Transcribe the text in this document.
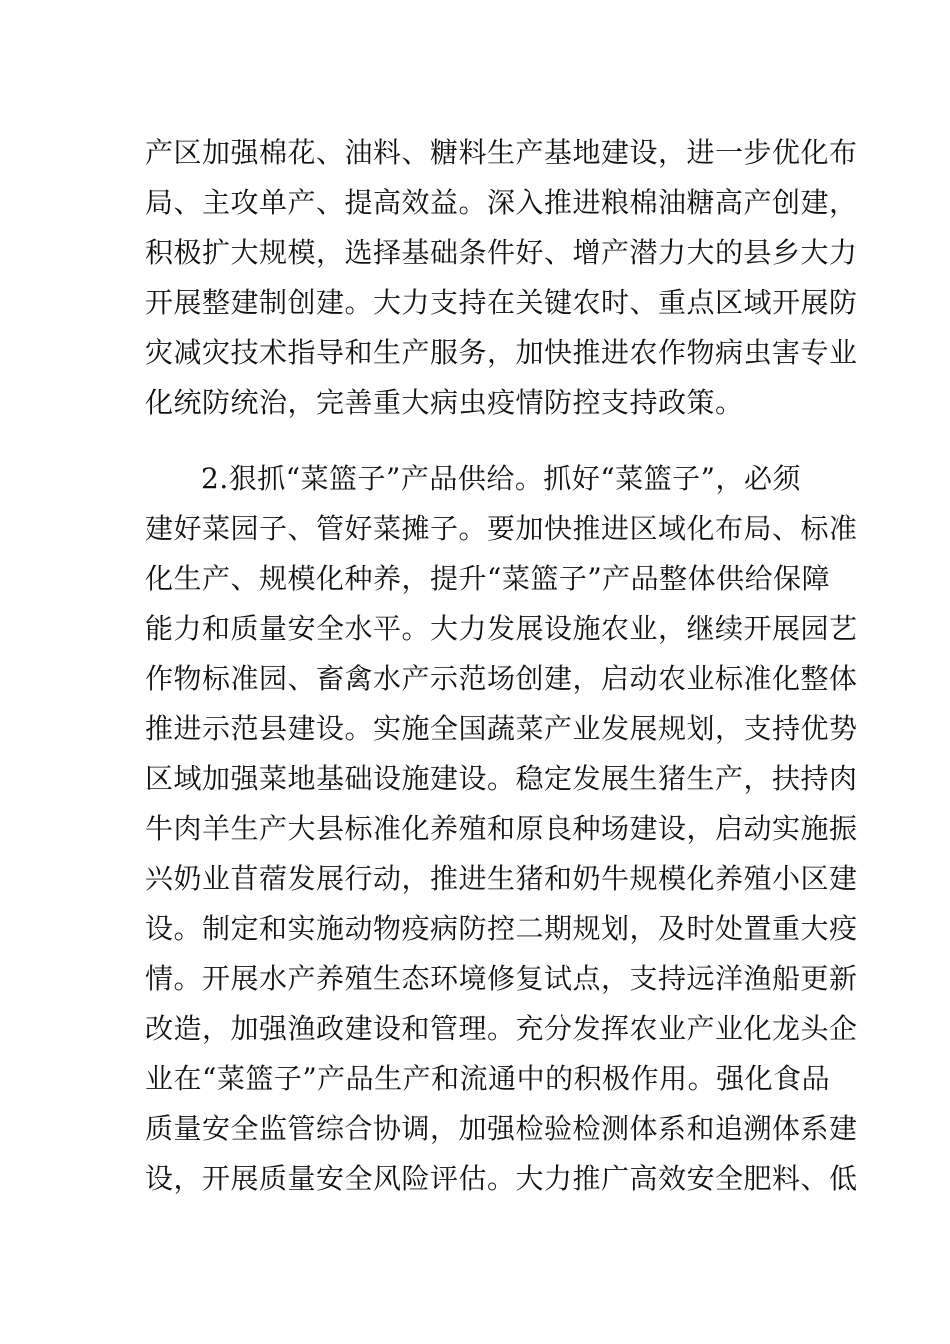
产区加强棉花、油料、糖料生产基地建设，进一步优化布
局、主攻单产、提高效益。深入推进粮棉油糖高产创建，
积极扩大规模，选择基础条件好、增产潜力大的县乡大力
开展整建制创建。大力支持在关键农时、重点区域开展防
灾减灾技术指导和生产服务，加快推进农作物病虫害专业
化统防统治，完善重大病虫疫情防控支持政策。
2.狠抓“菜篮子”产品供给。抓好“菜篮子”，必须
建好菜园子、管好菜摊子。要加快推进区域化布局、标准
化生产、规模化种养，提升“菜篮子”产品整体供给保障
能力和质量安全水平。大力发展设施农业，继续开展园艺
作物标准园、畜禽水产示范场创建，启动农业标准化整体
推进示范县建设。实施全国蔬菜产业发展规划，支持优势
区域加强菜地基础设施建设。稳定发展生猪生产，扶持肉
牛肉羊生产大县标准化养殖和原良种场建设，启动实施振
兴奶业苜蓿发展行动，推进生猪和奶牛规模化养殖小区建
设。制定和实施动物疫病防控二期规划，及时处置重大疫
情。开展水产养殖生态环境修复试点，支持远洋渔船更新
改造，加强渔政建设和管理。充分发挥农业产业化龙头企
业在“菜篮子”产品生产和流通中的积极作用。强化食品
质量安全监管综合协调，加强检验检测体系和追溯体系建
设，开展质量安全风险评估。大力推广高效安全肥料、低
